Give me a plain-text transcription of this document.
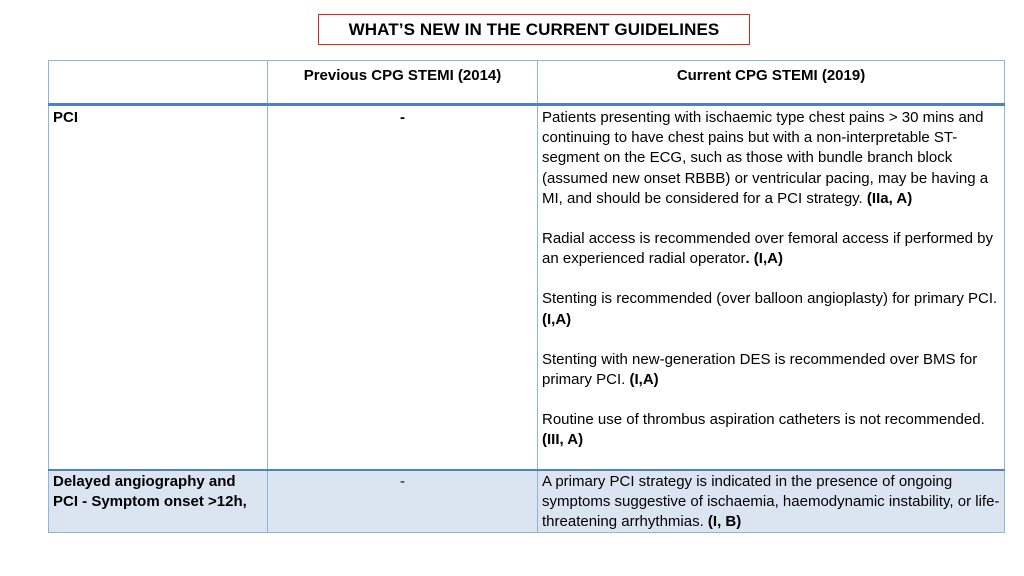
WHAT’S NEW IN THE CURRENT GUIDELINES
	Previous CPG STEMI (2014)	Current CPG STEMI (2019)
PCI	-	Patients presenting with ischaemic type chest pains > 30 mins and continuing to have chest pains but with a non-interpretable ST-segment on the ECG, such as those with bundle branch block (assumed new onset RBBB) or ventricular pacing, may be having a MI, and should be considered for a PCI strategy. (IIa, A)

Radial access is recommended over femoral access if performed by an experienced radial operator. (I,A)

Stenting is recommended (over balloon angioplasty) for primary PCI. (I,A)

Stenting with new-generation DES is recommended over BMS for primary PCI. (I,A)

Routine use of thrombus aspiration catheters is not recommended. (III, A)

Delayed angiography and PCI - Symptom onset >12h,	-	A primary PCI strategy is indicated in the presence of ongoing symptoms suggestive of ischaemia, haemodynamic instability, or life-threatening arrhythmias. (I, B)
